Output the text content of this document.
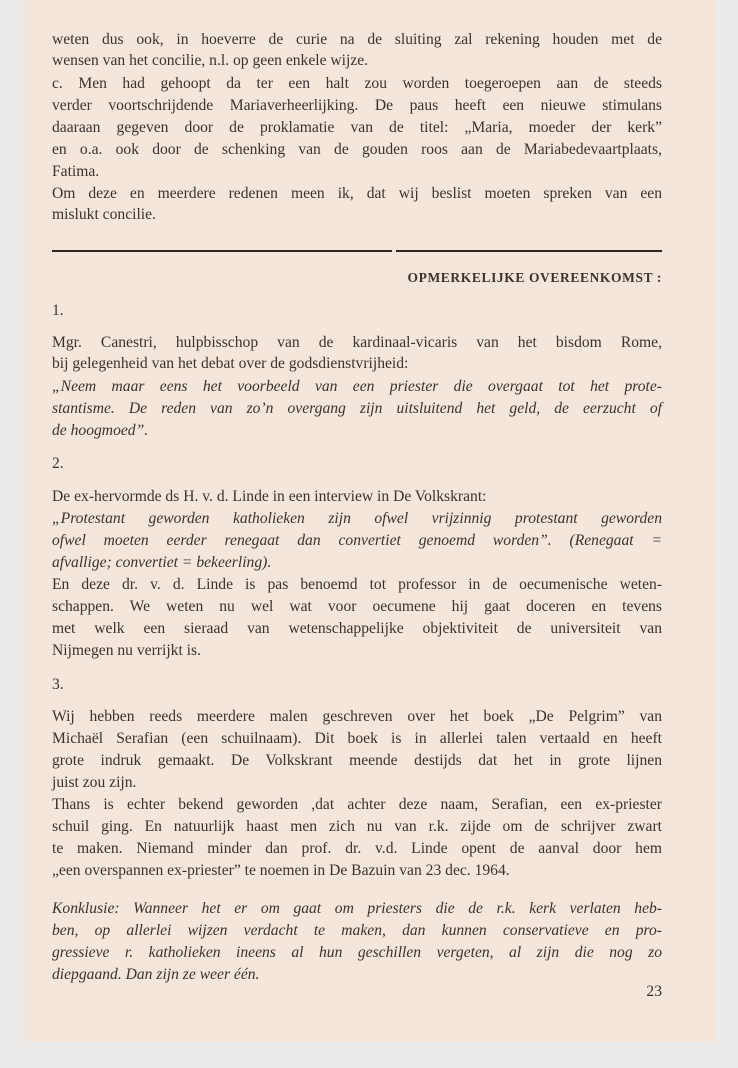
weten dus ook, in hoeverre de curie na de sluiting zal rekening houden met de
wensen van het concilie, n.l. op geen enkele wijze.
c. Men had gehoopt da ter een halt zou worden toegeroepen aan de steeds
verder voortschrijdende Mariaverheerlijking. De paus heeft een nieuwe stimulans
daaraan gegeven door de proklamatie van de titel: „Maria, moeder der kerk”
en o.a. ook door de schenking van de gouden roos aan de Mariabedevaartplaats,
Fatima.
Om deze en meerdere redenen meen ik, dat wij beslist moeten spreken van een
mislukt concilie.
OPMERKELIJKE OVEREENKOMST :
1.
Mgr. Canestri, hulpbisschop van de kardinaal-vicaris van het bisdom Rome,
bij gelegenheid van het debat over de godsdienstvrijheid:
„Neem maar eens het voorbeeld van een priester die overgaat tot het prote-
stantisme. De reden van zo’n overgang zijn uitsluitend het geld, de eerzucht of
de hoogmoed”.
2.
De ex-hervormde ds H. v. d. Linde in een interview in De Volkskrant:
„Protestant geworden katholieken zijn ofwel vrijzinnig protestant geworden
ofwel moeten eerder renegaat dan convertiet genoemd worden”. (Renegaat =
afvallige; convertiet = bekeerling).
En deze dr. v. d. Linde is pas benoemd tot professor in de oecumenische weten-
schappen. We weten nu wel wat voor oecumene hij gaat doceren en tevens
met welk een sieraad van wetenschappelijke objektiviteit de universiteit van
Nijmegen nu verrijkt is.
3.
Wij hebben reeds meerdere malen geschreven over het boek „De Pelgrim” van
Michaël Serafian (een schuilnaam). Dit boek is in allerlei talen vertaald en heeft
grote indruk gemaakt. De Volkskrant meende destijds dat het in grote lijnen
juist zou zijn.
Thans is echter bekend geworden ,dat achter deze naam, Serafian, een ex-priester
schuil ging. En natuurlijk haast men zich nu van r.k. zijde om de schrijver zwart
te maken. Niemand minder dan prof. dr. v.d. Linde opent de aanval door hem
„een overspannen ex-priester” te noemen in De Bazuin van 23 dec. 1964.
Konklusie: Wanneer het er om gaat om priesters die de r.k. kerk verlaten heb-
ben, op allerlei wijzen verdacht te maken, dan kunnen conservatieve en pro-
gressieve r. katholieken ineens al hun geschillen vergeten, al zijn die nog zo
diepgaand. Dan zijn ze weer één.
23
